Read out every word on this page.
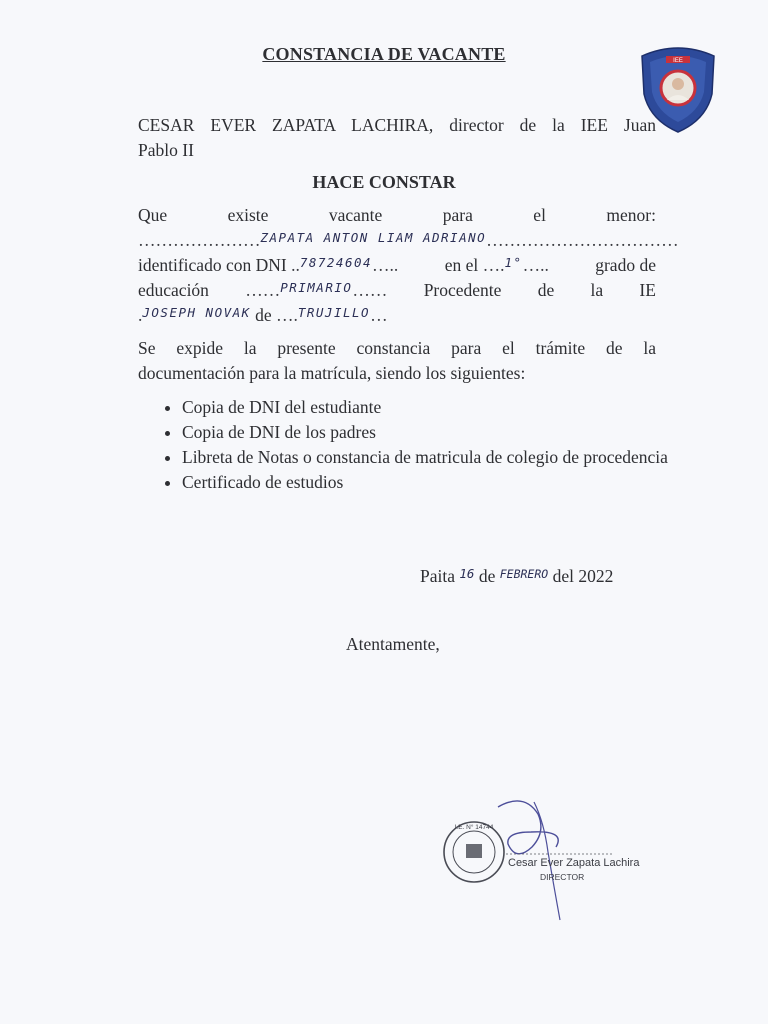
CONSTANCIA DE VACANTE	IEE
CESAR EVER ZAPATA LACHIRA, director de la IEE Juan
Pablo II
HACE CONSTAR
Que	existe	vacante	para	el	menor:
…………………$^{ZAPATA ANTON LIAM ADRIANO}$……………………………
identificado con DNI ..$^{78724604}$…..	en el ….$^{1^\circ}$…..	grado de
educación ……$^{PRIMARIO}$…… Procedente de la IE
.$^{JOSEPH NOVAK}$ de ….$^{TRUJILLO}$…
Se expide la presente constancia para el trámite de la
documentación para la matrícula, siendo los siguientes:
• Copia de DNI del estudiante
• Copia de DNI de los padres
• Libreta de Notas o constancia de matricula de colegio de procedencia
• Certificado de estudios
Paita $^{16}$ de $^{FEBRERO}$ del 2022
Atentamente,
I.E. N° 14744
Cesar Ever Zapata Lachira
DIRECTOR
